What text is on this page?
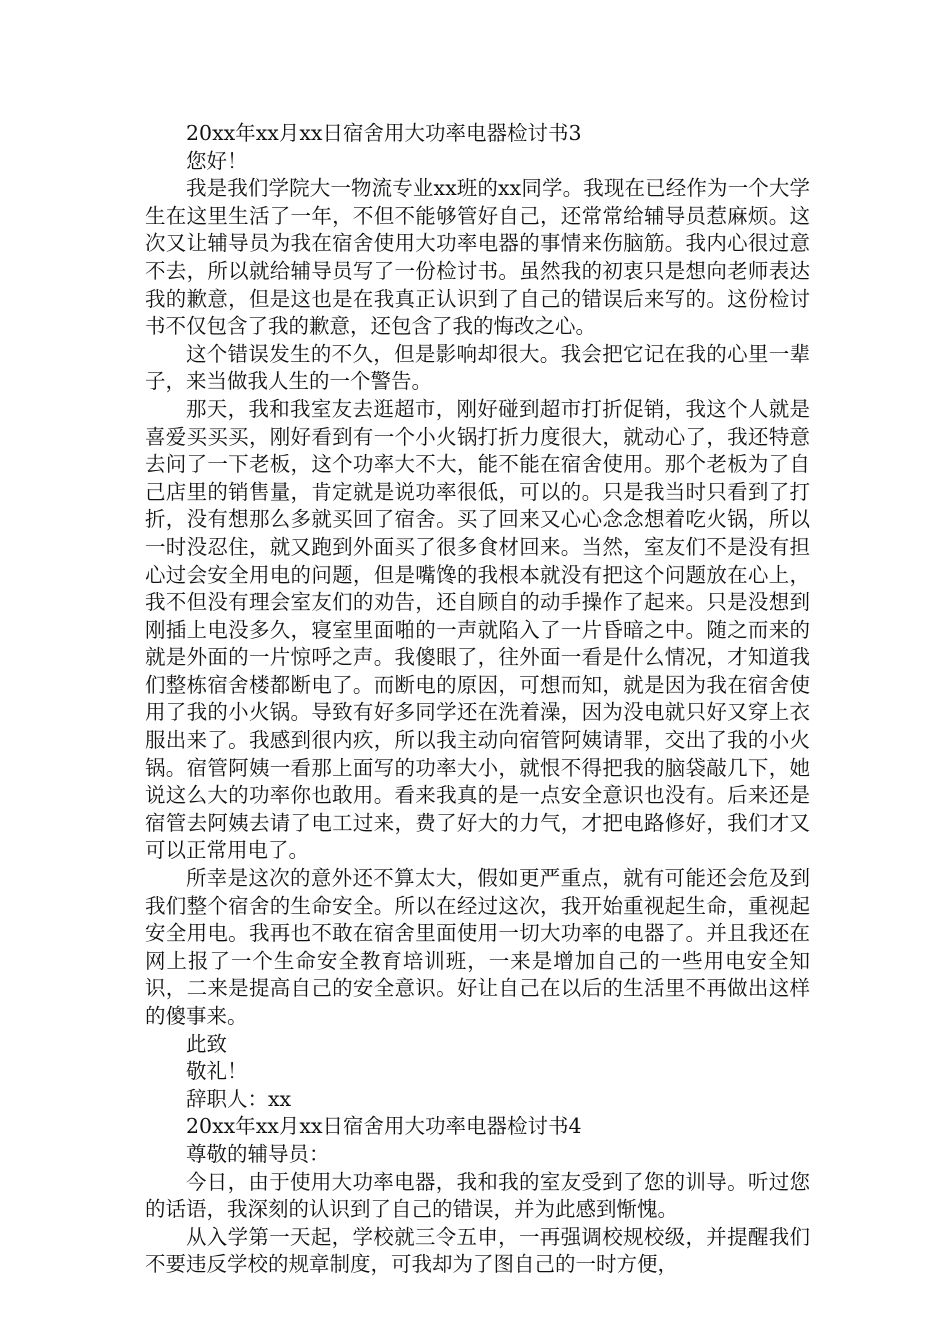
20xx年xx月xx日宿舍用大功率电器检讨书3

您好！

我是我们学院大一物流专业xx班的xx同学。我现在已经作为一个大学生在这里生活了一年，不但不能够管好自己，还常常给辅导员惹麻烦。这次又让辅导员为我在宿舍使用大功率电器的事情来伤脑筋。我内心很过意不去，所以就给辅导员写了一份检讨书。虽然我的初衷只是想向老师表达我的歉意，但是这也是在我真正认识到了自己的错误后来写的。这份检讨书不仅包含了我的歉意，还包含了我的悔改之心。

这个错误发生的不久，但是影响却很大。我会把它记在我的心里一辈子，来当做我人生的一个警告。

那天，我和我室友去逛超市，刚好碰到超市打折促销，我这个人就是喜爱买买买，刚好看到有一个小火锅打折力度很大，就动心了，我还特意去问了一下老板，这个功率大不大，能不能在宿舍使用。那个老板为了自己店里的销售量，肯定就是说功率很低，可以的。只是我当时只看到了打折，没有想那么多就买回了宿舍。买了回来又心心念念想着吃火锅，所以一时没忍住，就又跑到外面买了很多食材回来。当然，室友们不是没有担心过会安全用电的问题，但是嘴馋的我根本就没有把这个问题放在心上，我不但没有理会室友们的劝告，还自顾自的动手操作了起来。只是没想到刚插上电没多久，寝室里面啪的一声就陷入了一片昏暗之中。随之而来的就是外面的一片惊呼之声。我傻眼了，往外面一看是什么情况，才知道我们整栋宿舍楼都断电了。而断电的原因，可想而知，就是因为我在宿舍使用了我的小火锅。导致有好多同学还在洗着澡，因为没电就只好又穿上衣服出来了。我感到很内疚，所以我主动向宿管阿姨请罪，交出了我的小火锅。宿管阿姨一看那上面写的功率大小，就恨不得把我的脑袋敲几下，她说这么大的功率你也敢用。看来我真的是一点安全意识也没有。后来还是宿管去阿姨去请了电工过来，费了好大的力气，才把电路修好，我们才又可以正常用电了。

所幸是这次的意外还不算太大，假如更严重点，就有可能还会危及到我们整个宿舍的生命安全。所以在经过这次，我开始重视起生命，重视起安全用电。我再也不敢在宿舍里面使用一切大功率的电器了。并且我还在网上报了一个生命安全教育培训班，一来是增加自己的一些用电安全知识，二来是提高自己的安全意识。好让自己在以后的生活里不再做出这样的傻事来。

此致

敬礼！

辞职人：xx

20xx年xx月xx日宿舍用大功率电器检讨书4

尊敬的辅导员：

今日，由于使用大功率电器，我和我的室友受到了您的训导。听过您的话语，我深刻的认识到了自己的错误，并为此感到惭愧。

从入学第一天起，学校就三令五申，一再强调校规校级，并提醒我们不要违反学校的规章制度，可我却为了图自己的一时方便，
